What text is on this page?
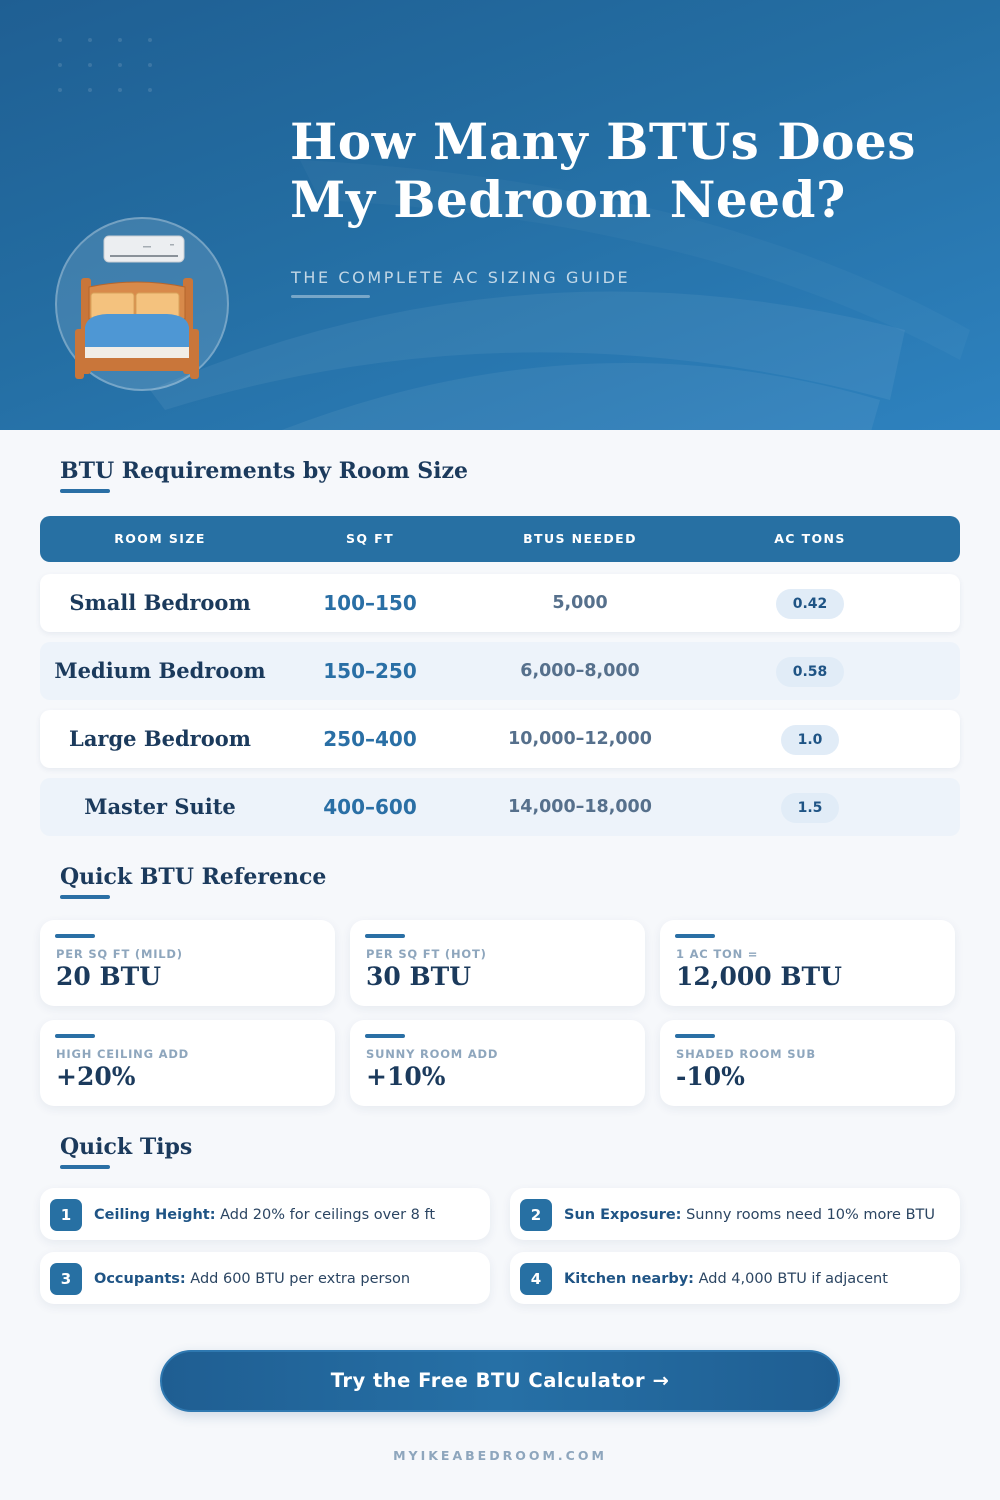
How Many BTUs Does
My Bedroom Need?
THE COMPLETE AC SIZING GUIDE
BTU Requirements by Room Size
ROOM SIZE	SQ FT	BTUS NEEDED	AC TONS
Small Bedroom	100–150	5,000	0.42
Medium Bedroom	150–250	6,000–8,000	0.58
Large Bedroom	250–400	10,000–12,000	1.0
Master Suite	400–600	14,000–18,000	1.5
Quick BTU Reference
PER SQ FT (MILD)
20 BTU
PER SQ FT (HOT)
30 BTU
1 AC TON =
12,000 BTU
HIGH CEILING ADD
+20%
SUNNY ROOM ADD
+10%
SHADED ROOM SUB
-10%
Quick Tips
1	Ceiling Height: Add 20% for ceilings over 8 ft	2	Sun Exposure: Sunny rooms need 10% more BTU
3	Occupants: Add 600 BTU per extra person	4	Kitchen nearby: Add 4,000 BTU if adjacent
Try the Free BTU Calculator →
MYIKEABEDROOM.COM
